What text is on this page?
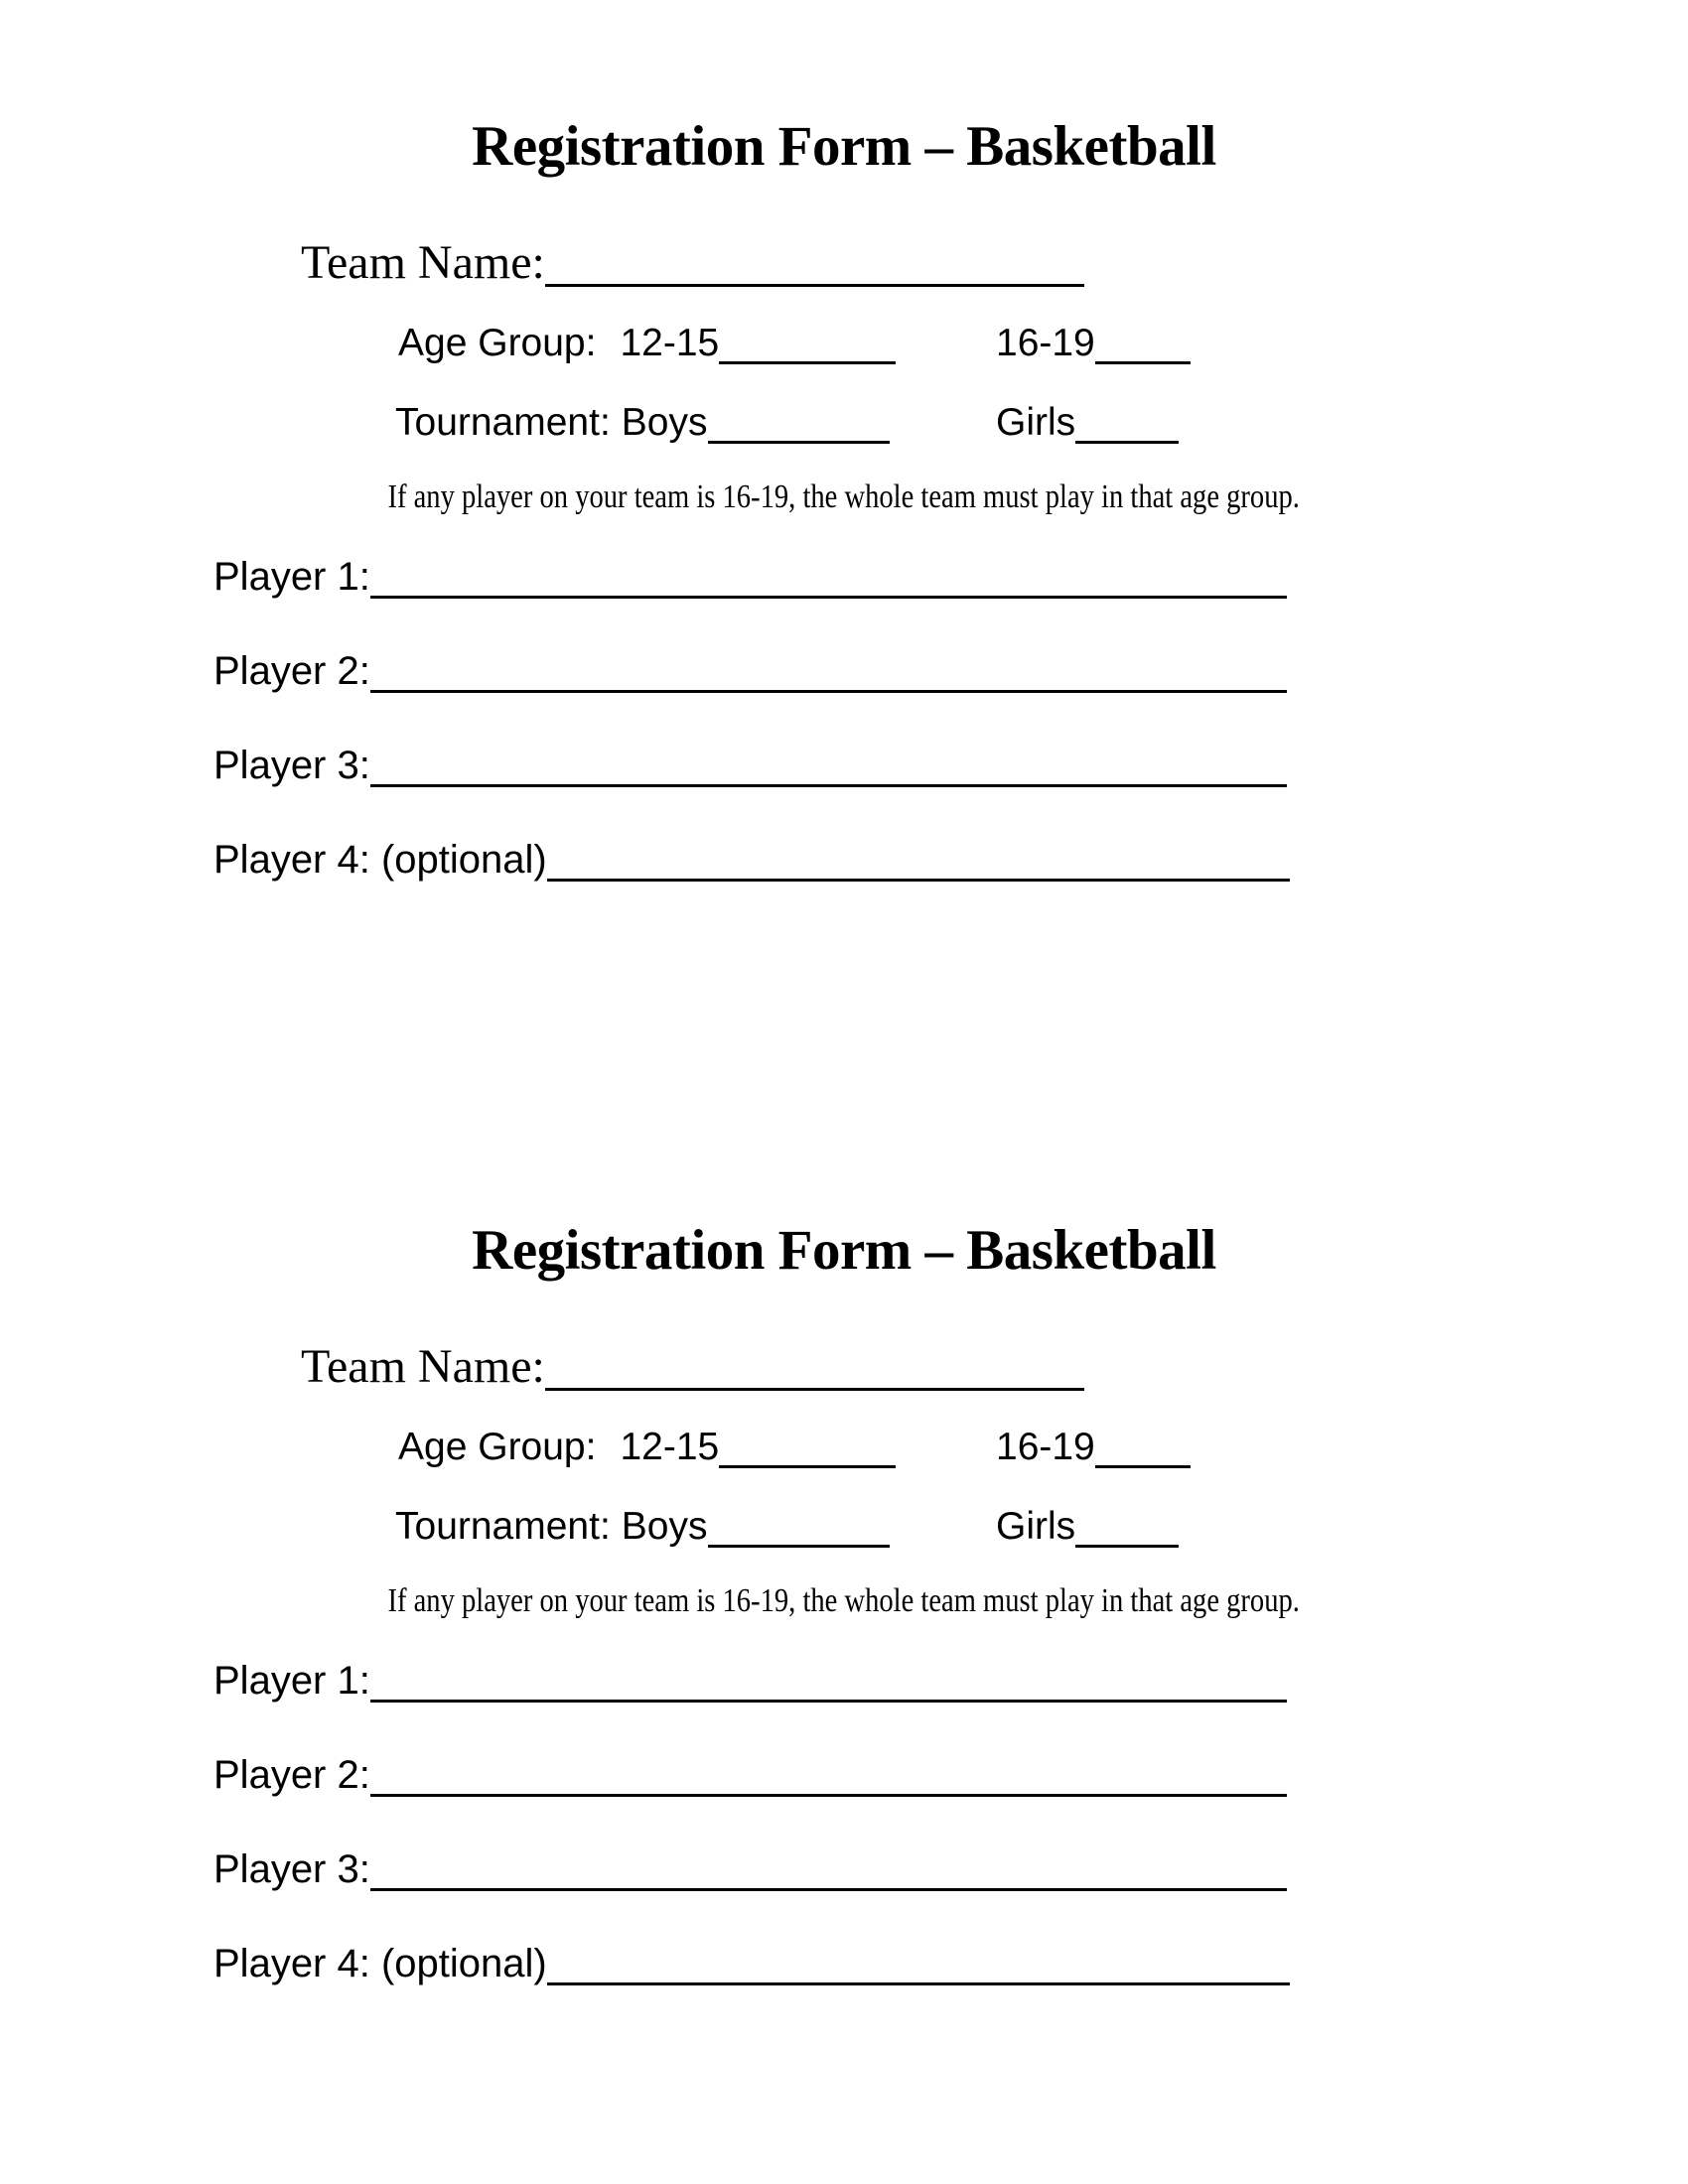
Registration Form – Basketball
Team Name:
Age Group: 12-15	16-19
Tournament: Boys	Girls
If any player on your team is 16-19, the whole team must play in that age group.
Player 1:
Player 2:
Player 3:
Player 4: (optional)
Registration Form – Basketball
Team Name:
Age Group: 12-15	16-19
Tournament: Boys	Girls
If any player on your team is 16-19, the whole team must play in that age group.
Player 1:
Player 2:
Player 3:
Player 4: (optional)
